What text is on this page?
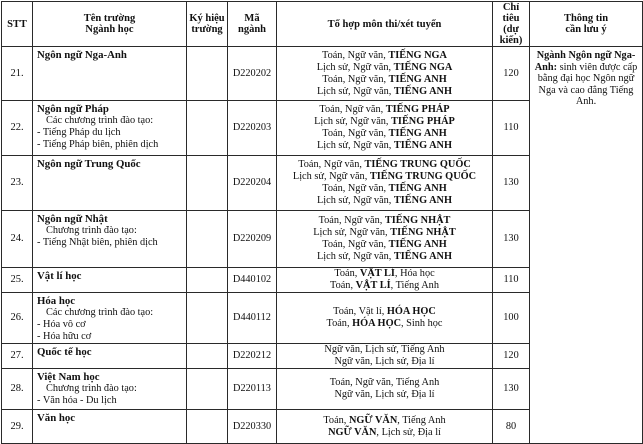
STT	Tên trường
Ngành học	Ký hiệu
trường	Mã ngành	Tổ hợp môn thi/xét tuyển	Chỉ tiêu
(dự
kiến)	Thông tin
cần lưu ý

21.	Ngôn ngữ Nga-Anh		D220202	Toán, Ngữ văn, TIẾNG NGA
Lịch sử, Ngữ văn, TIẾNG NGA
Toán, Ngữ văn, TIẾNG ANH
Lịch sử, Ngữ văn, TIẾNG ANH	120	Ngành Ngôn ngữ Nga-Anh: sinh viên được cấp bằng đại học Ngôn ngữ Nga và cao đẳng Tiếng Anh.
22.	Ngôn ngữ Pháp
Các chương trình đào tạo:
- Tiếng Pháp du lịch
- Tiếng Pháp biên, phiên dịch		D220203	Toán, Ngữ văn, TIẾNG PHÁP
Lịch sử, Ngữ văn, TIẾNG PHÁP
Toán, Ngữ văn, TIẾNG ANH
Lịch sử, Ngữ văn, TIẾNG ANH	110	
23.	Ngôn ngữ Trung Quốc		D220204	Toán, Ngữ văn, TIẾNG TRUNG QUỐC
Lịch sử, Ngữ văn, TIẾNG TRUNG QUỐC
Toán, Ngữ văn, TIẾNG ANH
Lịch sử, Ngữ văn, TIẾNG ANH	130	
24.	Ngôn ngữ Nhật
Chương trình đào tạo:
- Tiếng Nhật biên, phiên dịch		D220209	Toán, Ngữ văn, TIẾNG NHẬT
Lịch sử, Ngữ văn, TIẾNG NHẬT
Toán, Ngữ văn, TIẾNG ANH
Lịch sử, Ngữ văn, TIẾNG ANH	130	
25.	Vật lí học		D440102	Toán, VẬT LÍ, Hóa học
Toán, VẬT LÍ, Tiếng Anh	110	
26.	Hóa học
Các chương trình đào tạo:
- Hóa vô cơ
- Hóa hữu cơ		D440112	Toán, Vật lí, HÓA HỌC
Toán, HÓA HỌC, Sinh học	100	
27.	Quốc tế học		D220212	Ngữ văn, Lịch sử, Tiếng Anh
Ngữ văn, Lịch sử, Địa lí	120	
28.	Việt Nam học
Chương trình đào tạo:
- Văn hóa - Du lịch		D220113	Toán, Ngữ văn, Tiếng Anh
Ngữ văn, Lịch sử, Địa lí	130	
29.	Văn học		D220330	Toán, NGỮ VĂN, Tiếng Anh
NGỮ VĂN, Lịch sử, Địa lí	80	
